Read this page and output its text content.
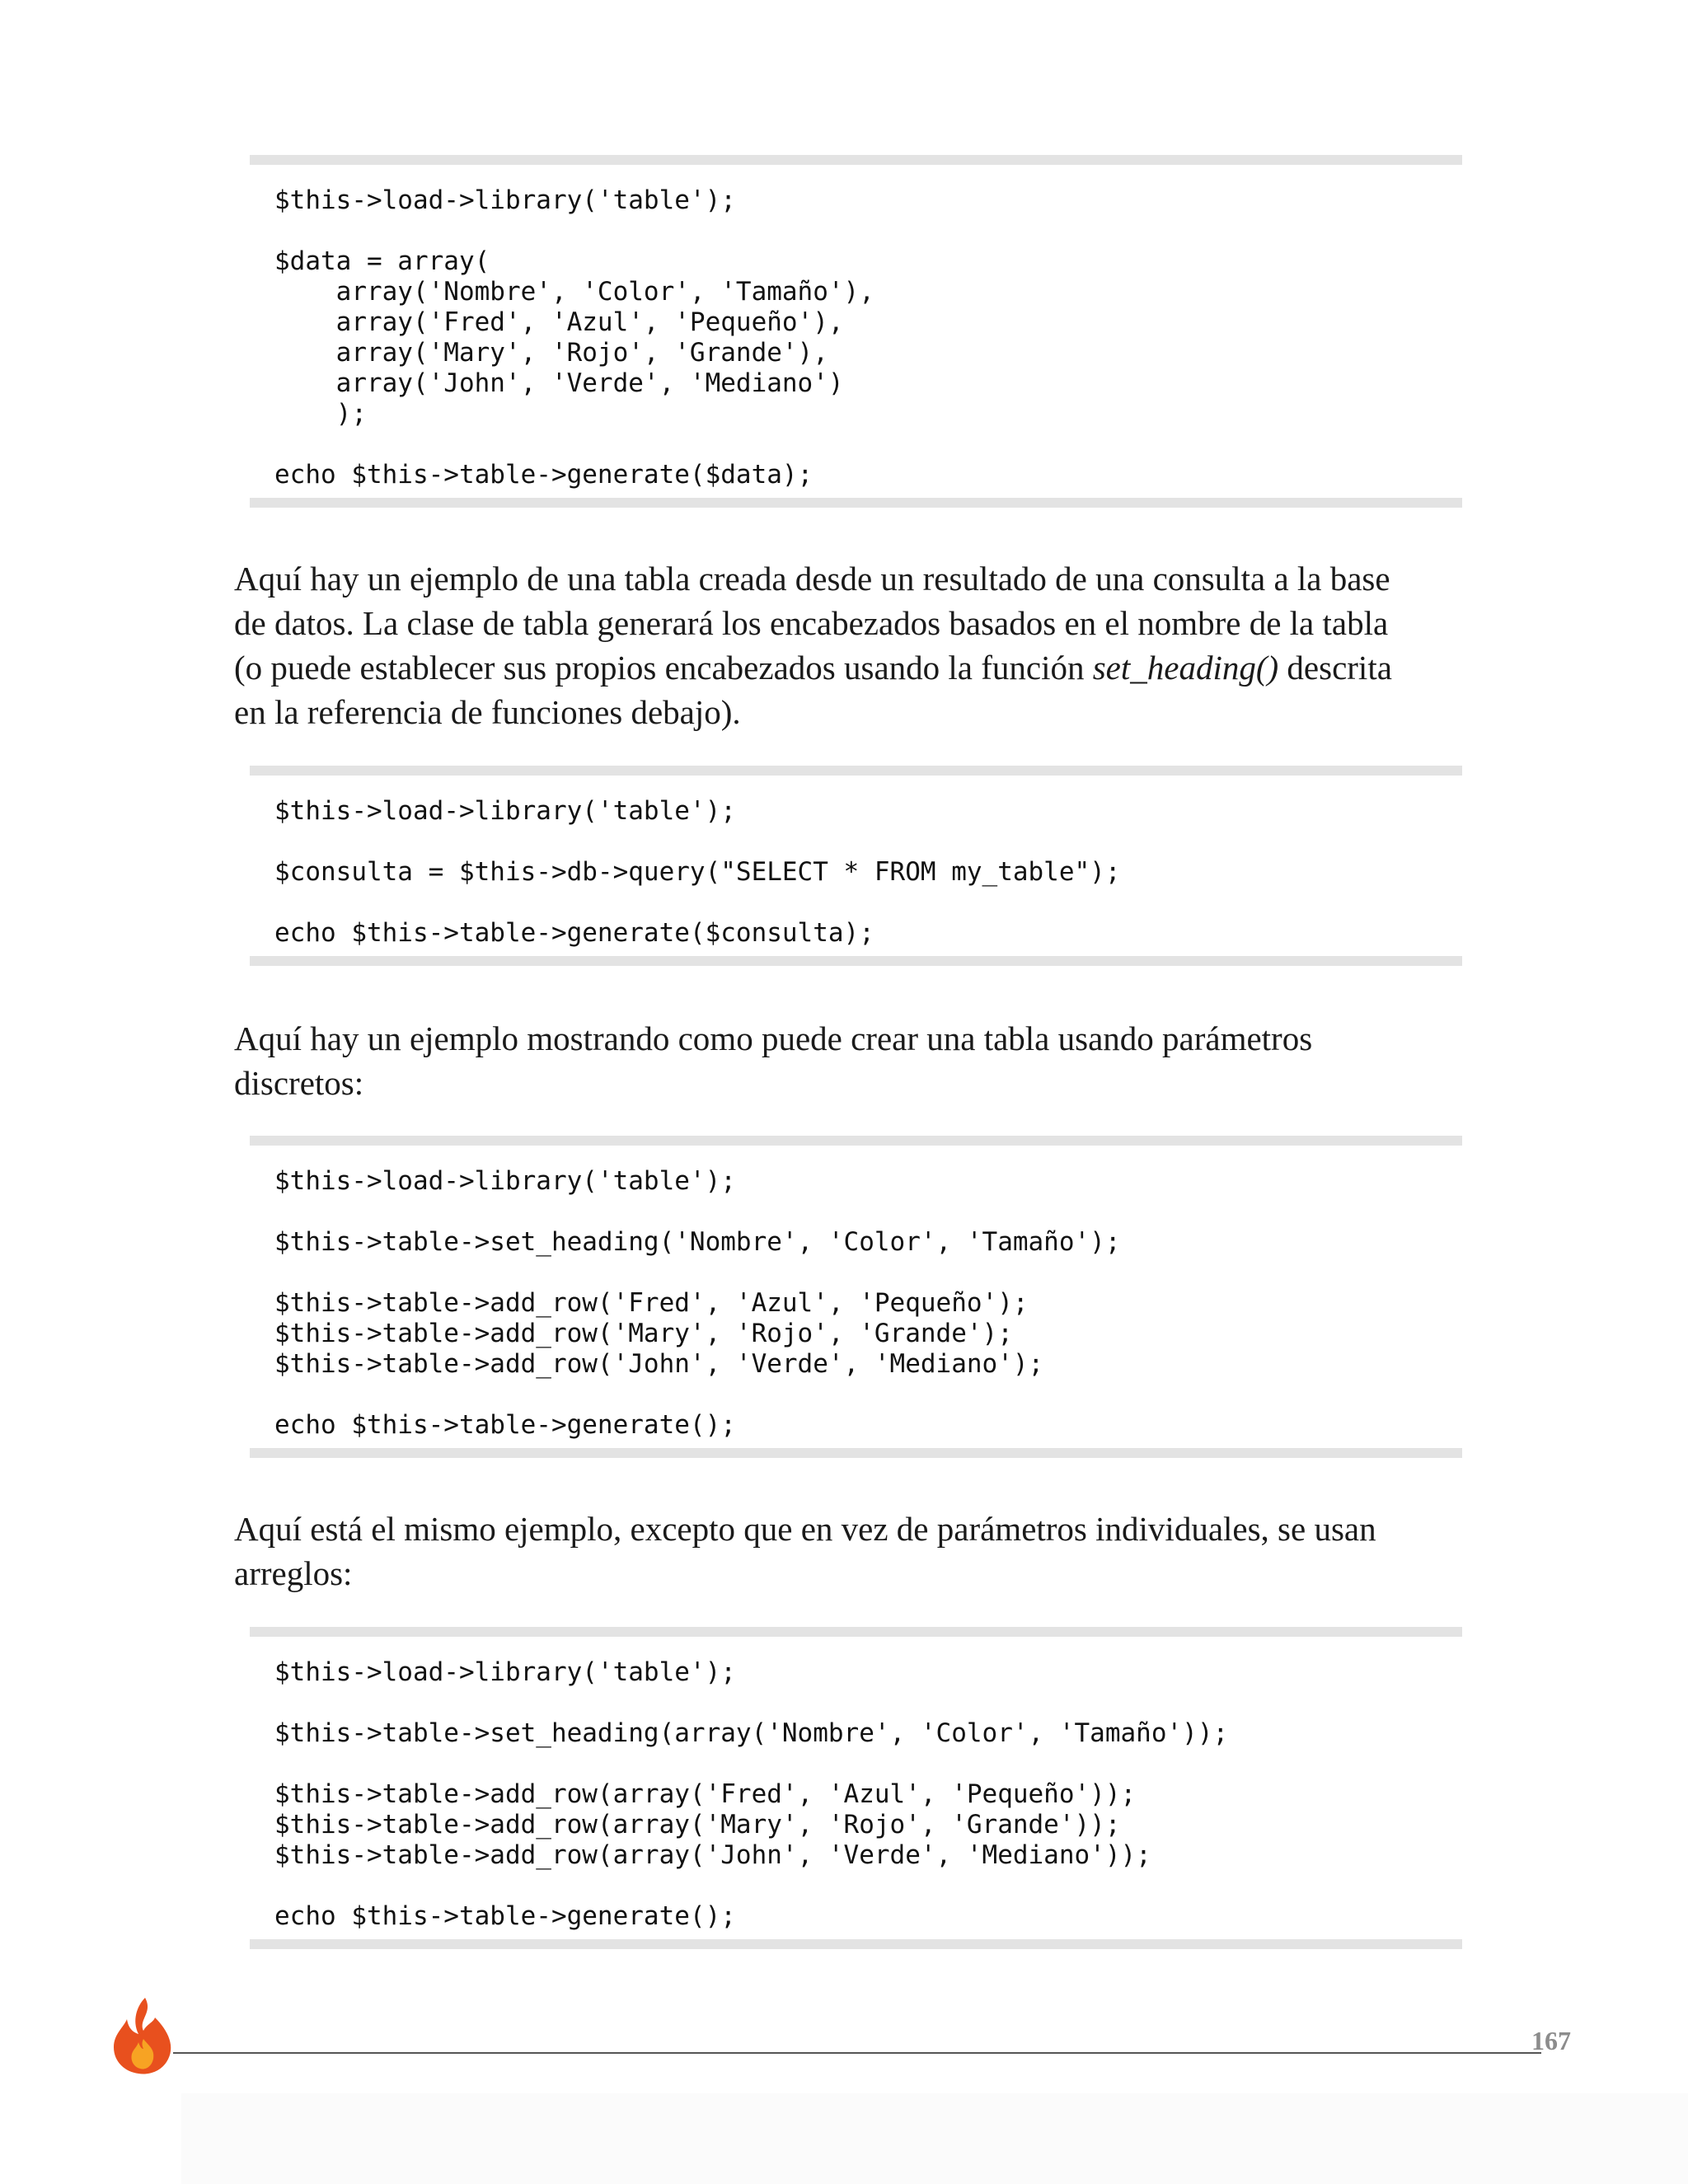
$this->load->library('table');
$data = array(
array('Nombre', 'Color', 'Tamaño'),
array('Fred', 'Azul', 'Pequeño'),
array('Mary', 'Rojo', 'Grande'),
array('John', 'Verde', 'Mediano')
);
echo $this->table->generate($data);
Aquí hay un ejemplo de una tabla creada desde un resultado de una consulta a la base
de datos. La clase de tabla generará los encabezados basados en el nombre de la tabla
(o puede establecer sus propios encabezados usando la función set_heading() descrita
en la referencia de funciones debajo).
$this->load->library('table');
$consulta = $this->db->query("SELECT * FROM my_table");
echo $this->table->generate($consulta);
Aquí hay un ejemplo mostrando como puede crear una tabla usando parámetros
discretos:
$this->load->library('table');
$this->table->set_heading('Nombre', 'Color', 'Tamaño');
$this->table->add_row('Fred', 'Azul', 'Pequeño');
$this->table->add_row('Mary', 'Rojo', 'Grande');
$this->table->add_row('John', 'Verde', 'Mediano');
echo $this->table->generate();
Aquí está el mismo ejemplo, excepto que en vez de parámetros individuales, se usan
arreglos:
$this->load->library('table');
$this->table->set_heading(array('Nombre', 'Color', 'Tamaño'));
$this->table->add_row(array('Fred', 'Azul', 'Pequeño'));
$this->table->add_row(array('Mary', 'Rojo', 'Grande'));
$this->table->add_row(array('John', 'Verde', 'Mediano'));
echo $this->table->generate();
167
